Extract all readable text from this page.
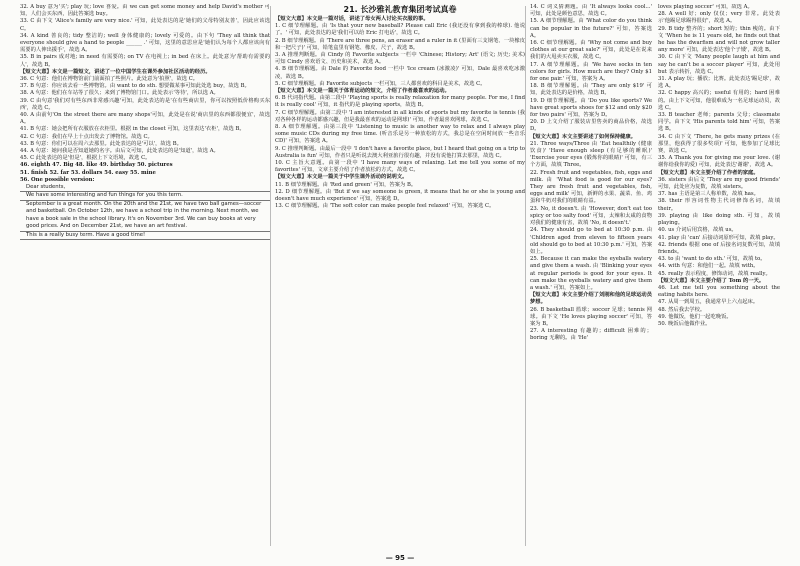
32. A buy 意为'买'; play 玩; love 喜爱。由 we can get some money and help David's mother 可知，人们会买东西，因此答案选 buy。

33. C 由下文 'Alice's family are very nice.' 可知，此处表达的是'她们的父母特别友善'，因此应该选 C。

34. A kind 善良的; tidy 整洁的; well 身体健康的; lovely 可爱的。由下句 'They all think that everyone should give a hand to people ______ .' 可知，这里的意思应是'她们认为每个人都应该向有需要的人伸出援手'，故选 A。

35. B in pairs 成对地; in need 有需要的; on TV 在电视上; in bed 在床上。此处意为'帮助有需要的人'，故选 B。

【短文大意】本文是一篇短文，讲述了一位中国学生在课外参加社区活动的经历。

36. C 句意：他们在博物馆前门前面拍了些照片。此处意为'拍照'，故选 C。

37. B 句意：你应该去看一些博物馆。由 want to do sth. 想要做某事可知此处选 buy，故选 B。

38. A 句意：他们在车站等了很久；来到了博物馆门口。此处表示'等待'，所以选 A。

39. C 由句意'我们对有些东西非常感兴趣'可知，此处表达的是'在有些商店里，你可以按照低价格购买东西'，故选 C。

40. A 由前句'On the street there are many shops'可知，此处是在说'商店里的东西都很便宜'，故选 A。

41. B 句意：她会把所有衣服放在衣柜里。根据 in the closet 可知，这里表达'衣柜'，故选 B。

42. C 句意：我们在早上十点出发去了博物馆。故选 C。

43. B 句意：你们可以在周六去那里。此处表达的是'可以'，故选 B。

44. A 句意：她问我是否知道她的名字。由后文可知，此处表达的是'知道'，故选 A。

45. C 此处表达的是'但是'，根据上下文语境，故选 C。

46. eighth 47. Big 48. like 49. birthday 50. pictures

51. finish 52. far 53. dollars 54. easy 55. mine

56. One possible version:

Dear students,

We have some interesting and fun things for you this term.

September is a great month. On the 20th and the 21st, we have two ball games—soccer and basketball. On October 12th, we have a school trip in the morning. Next month, we have a book sale in the school library. It's on November 3rd. We can buy books at very good prices. And on December 21st, we have an art festival.

This is a really busy term. Have a good time!

21. 长沙雅礼教育集团考试真卷

【短文大意】本文是一篇对话，讲述了母女两人讨论买衣服的事。

1. C 细节理解题。由 'Is that your new baseball? Please call Eric (我还没有拿到我的棒球). 他说了。' 可知，此处表达的是'我们可以给 Eric 打电话'，故选 C。

2. B 细节理解题。由 'There are three pens, an eraser and a ruler in it (里面有三支钢笔、一块橡皮和一把尺子)' 可知，铅笔盒里有钢笔、橡皮、尺子，故选 B。

3. A 推理判断题。由 Cindy 的 Favorite subjects 一栏中 'Chinese; History; Art' (语文; 历史; 美术) 可知 Cindy 喜欢语文、历史和美术，故选 A。

4. B 细节理解题。由 Dale 的 Favorite food 一栏中 'Ice cream (冰激凌)' 可知，Dale 最喜欢吃冰激凌，故选 B。

5. C 细节理解题。由 Favorite subjects 一栏可知，三人都喜欢的科目是美术，故选 C。

【短文大意】本文是一篇关于体育运动的短文，介绍了作者最喜欢的运动。

6. B 代词指代题。由第二段中 'Playing sports is really relaxation for many people. For me, I find it is really cool' 可知，it 指代的是 playing sports，故选 B。

7. C 细节理解题。由第二段中 'I am interested in all kinds of sports but my favorite is tennis (我对各种各样的运动都感兴趣，但是我最喜欢的运动是网球)' 可知，作者最喜欢网球，故选 C。

8. A 细节理解题。由第三段中 'Listening to music is another way to relax and I always play some music CDs during my free time. (听音乐是另一种放松的方式，我总是在空闲时间放一些音乐 CD)' 可知，答案选 A。

9. C 推理判断题。由最后一段中 'I don't have a favorite place, but I heard that going on a trip to Australia is fun' 可知，作者只是听说去澳大利亚旅行很有趣，并没有说他打算去那里，故选 C。

10. C 主旨大意题。由第一段中 'I have many ways of relaxing. Let me tell you some of my favorites' 可知，文章主要介绍了作者放松的方式，故选 C。

【短文大意】本文是一篇关于中学生课外活动的说明文。

11. B 细节理解题。由 'Red and green' 可知，答案为 B。

12. D 细节理解题。由 'But if we say someone is green, it means that he or she is young and doesn't have much experience' 可知，答案选 D。

13. C 细节理解题。由 'The soft color can make people feel relaxed' 可知，答案选 C。

14. C 词义猜测题。由 'It always looks cool...' 可知，此处是颜色意思，故选 C。

15. A 细节理解题。由 'What color do you think can be popular in the future?' 可知，答案选 A。

16. C 细节理解题。由 'Why not come and buy clothes at our great sale?' 可知，此处是在说来我们的大甩卖买衣服，故选 C。

17. A 细节理解题。由 'We have socks in ten colors for girls. How much are they? Only $1 for one pair.' 可知，答案为 A。

18. B 细节理解题。由 'They are only $19' 可知，此处表达的是价格，故选 B。

19. D 细节理解题。由 'Do you like sports? We have great sports shoes for $12 and only $20 for two pairs' 可知，答案为 D。

20. D 上文介绍了服装店里售卖的商品价格，故选 D。

【短文大意】本文主要讲述了如何保持健康。

21. Three ways/Three 由 'Eat healthily (健康饮食)' 'Have enough sleep (有足够的睡眠)' 'Exercise your eyes (锻炼你的眼睛)' 可知，有三个方面，故填 Three。

22. Fresh fruit and vegetables, fish, eggs and milk. 由 'What food is good for our eyes? They are fresh fruit and vegetables, fish, eggs and milk' 可知，新鲜的水果、蔬菜、鱼、鸡蛋和牛奶对我们的眼睛有益。

23. No, it doesn't. 由 'However, don't eat too spicy or too salty food' 可知，太辣和太咸的食物对我们的健康有害，故填 'No, it doesn't.'

24. They should go to bed at 10:30 p.m. 由 'Children aged from eleven to fifteen years old should go to bed at 10:30 p.m.' 可知，答案如上。

25. Because it can make the eyeballs watery and give them a wash. 由 'Blinking your eyes at regular periods is good for your eyes. It can make the eyeballs watery and give them a wash.' 可知，答案如上。

【短文大意】本文主要介绍了刘刚和他的足球运动员梦想。

26. B basketball 篮球；soccer 足球；tennis 网球。由下文 'He loves playing soccer' 可知，答案为 B。

27. A interesting 有趣的；difficult 困难的；boring 无聊的。由 'He'

loves playing soccer' 可知，故选 A。

28. A well 好；only 仅仅；very 非常。此处表示'他踢足球踢得很好'，故选 A。

29. B tidy 整齐的；short 短的；thin 瘦的。由下文 'When he is 11 years old, he finds out that he has the dwarfism and will not grow taller any more' 可知，此处表达'他个子矮'，故选 B。

30. C 由下文 'Many people laugh at him and say he can't be a soccer player' 可知，此处用 but 表示转折，故选 C。

31. A play 玩；播放；比赛。此处表达'踢足球'，故选 A。

32. C happy 高兴的；useful 有用的；hard 困难的。由上下文可知，他很难成为一名足球运动员，故选 C。

33. B teacher 老师；parents 父母；classmate 同学。由下文 'His parents told him' 可知，答案选 B。

34. C 由下文 'There, he gets many prizes (在那里，他获得了很多奖项)' 可知，他参加了足球比赛，故选 C。

35. A Thank you for giving me your love. (谢谢你给我你的爱) 可知，此处表达'谢谢'，故选 A。

【短文大意】本文主要介绍了作者的家庭。

36. sisters 由后文 'They are my good friends' 可知，此处应为复数，故填 sisters。

37. has 主语是第三人称单数，故填 has。

38. their 形容词性物主代词修饰名词，故填 their。

39. playing 由 like doing sth. 可知，故填 playing。

40. us 介词后用宾格，故填 us。

41. play 由 'can' 后接动词原形可知，故填 play。

42. friends 根据 one of 后接名词复数可知，故填 friends。

43. to 由 'want to do sth.' 可知，故填 to。

44. with 句意：和他们一起。故填 with。

45. really 表示程度，修饰动词，故填 really。

【短文大意】本文主要介绍了 Tom 的一天。

46. Let me tell you something about the eating habits here.

47. 从周一到周五，我通常早上六点起床。

48. 然后我去学校。

49. 他做饭，他们一起吃晚饭。

50. 晚饭后他做作业。

— 95 —
